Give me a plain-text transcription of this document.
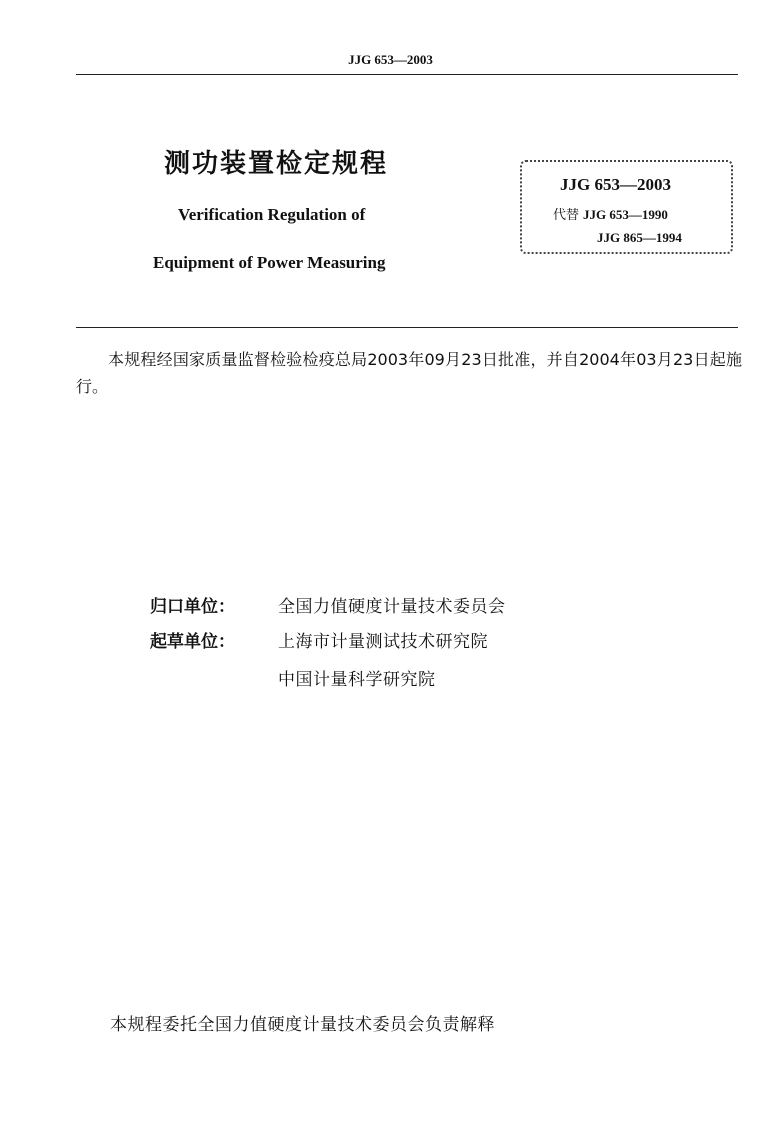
JJG 653—2003
测功装置检定规程
Verification Regulation of
Equipment of Power Measuring
JJG 653—2003
代替 JJG 653—1990
JJG 865—1994
本规程经国家质量监督检验检疫总局2003年09月23日批准，并自2004年03月23日起施行。
归口单位：	全国力值硬度计量技术委员会
起草单位：	上海市计量测试技术研究院
中国计量科学研究院
本规程委托全国力值硬度计量技术委员会负责解释
